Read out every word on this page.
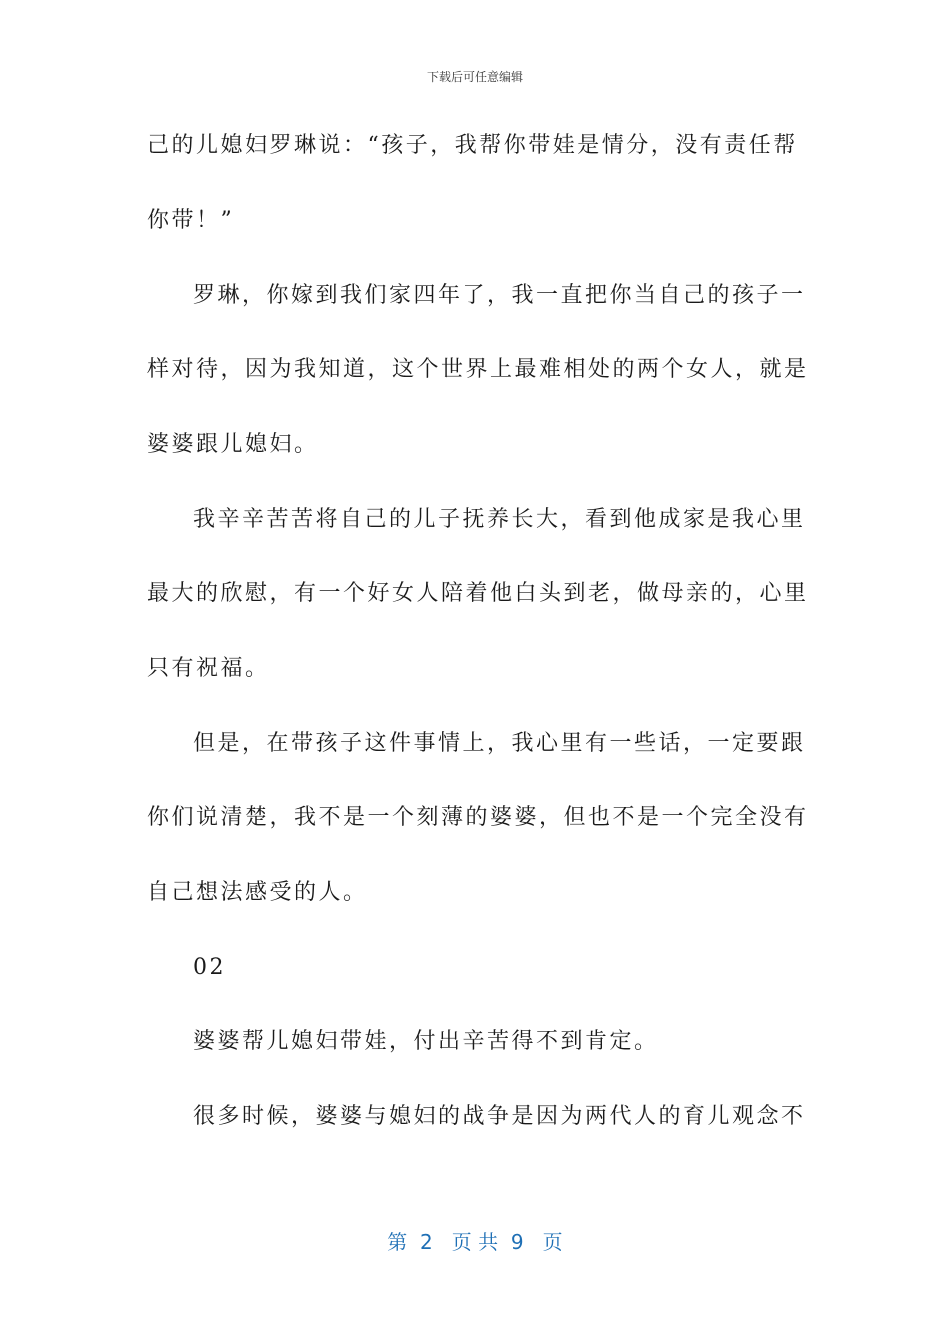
下载后可任意编辑
己的儿媳妇罗琳说：“孩子，我帮你带娃是情分，没有责任帮
你带！”
罗琳，你嫁到我们家四年了，我一直把你当自己的孩子一
样对待，因为我知道，这个世界上最难相处的两个女人，就是
婆婆跟儿媳妇。
我辛辛苦苦将自己的儿子抚养长大，看到他成家是我心里
最大的欣慰，有一个好女人陪着他白头到老，做母亲的，心里
只有祝福。
但是，在带孩子这件事情上，我心里有一些话，一定要跟
你们说清楚，我不是一个刻薄的婆婆，但也不是一个完全没有
自己想法感受的人。
02
婆婆帮儿媳妇带娃，付出辛苦得不到肯定。
很多时候，婆婆与媳妇的战争是因为两代人的育儿观念不
第  2   页 共  9   页
